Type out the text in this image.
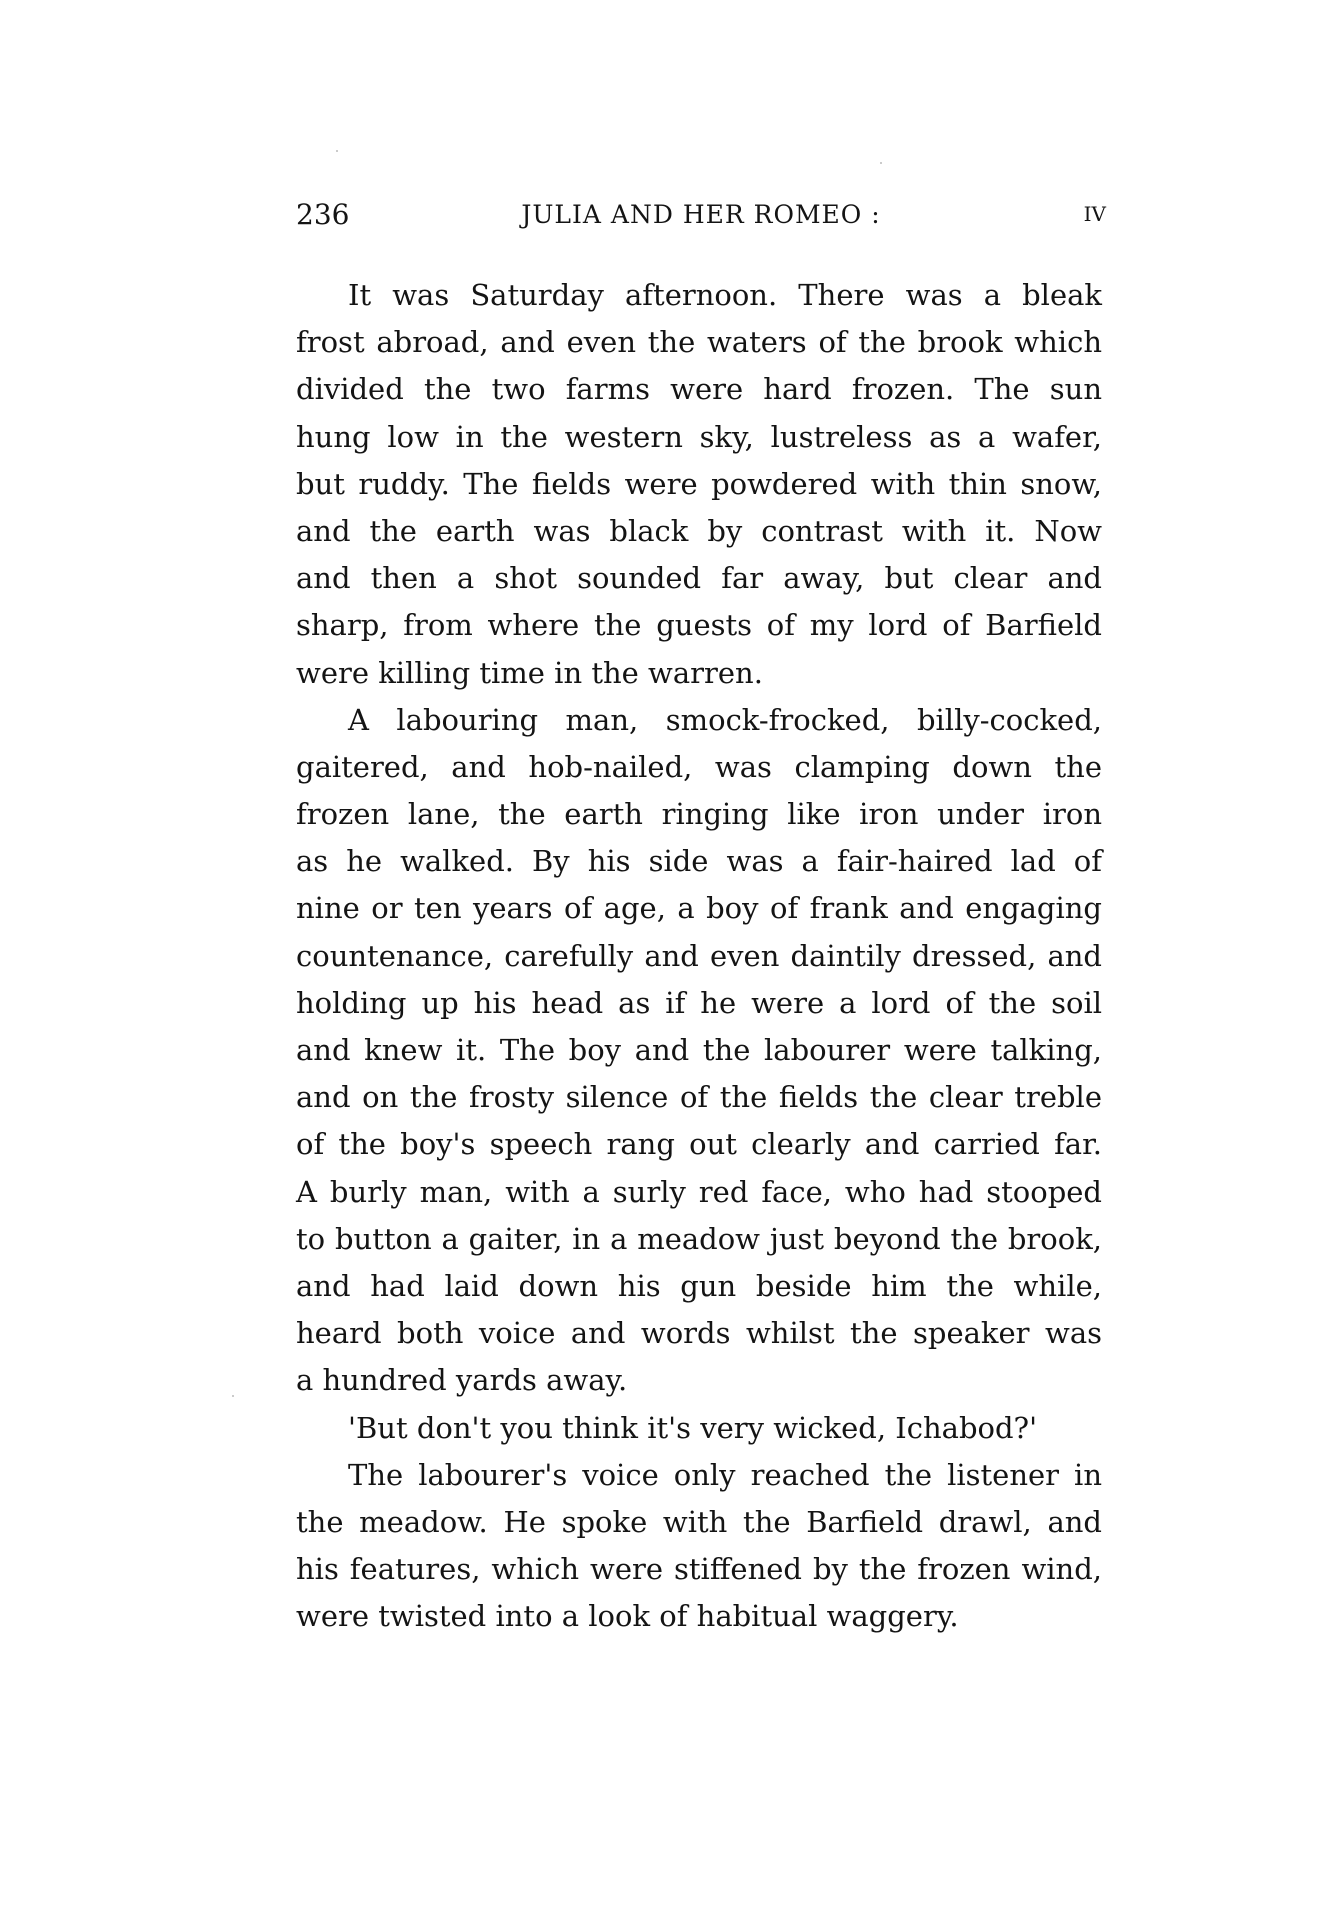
236	JULIA AND HER ROMEO :	IV
It was Saturday afternoon. There was a bleak
frost abroad, and even the waters of the brook which
divided the two farms were hard frozen. The sun
hung low in the western sky, lustreless as a wafer,
but ruddy. The fields were powdered with thin snow,
and the earth was black by contrast with it. Now
and then a shot sounded far away, but clear and
sharp, from where the guests of my lord of Barfield
were killing time in the warren.
A labouring man, smock-frocked, billy-cocked,
gaitered, and hob-nailed, was clamping down the
frozen lane, the earth ringing like iron under iron
as he walked. By his side was a fair-haired lad of
nine or ten years of age, a boy of frank and engaging
countenance, carefully and even daintily dressed, and
holding up his head as if he were a lord of the soil
and knew it. The boy and the labourer were talking,
and on the frosty silence of the fields the clear treble
of the boy's speech rang out clearly and carried far.
A burly man, with a surly red face, who had stooped
to button a gaiter, in a meadow just beyond the brook,
and had laid down his gun beside him the while,
heard both voice and words whilst the speaker was
a hundred yards away.
'But don't you think it's very wicked, Ichabod?'
The labourer's voice only reached the listener in
the meadow. He spoke with the Barfield drawl, and
his features, which were stiffened by the frozen wind,
were twisted into a look of habitual waggery.
